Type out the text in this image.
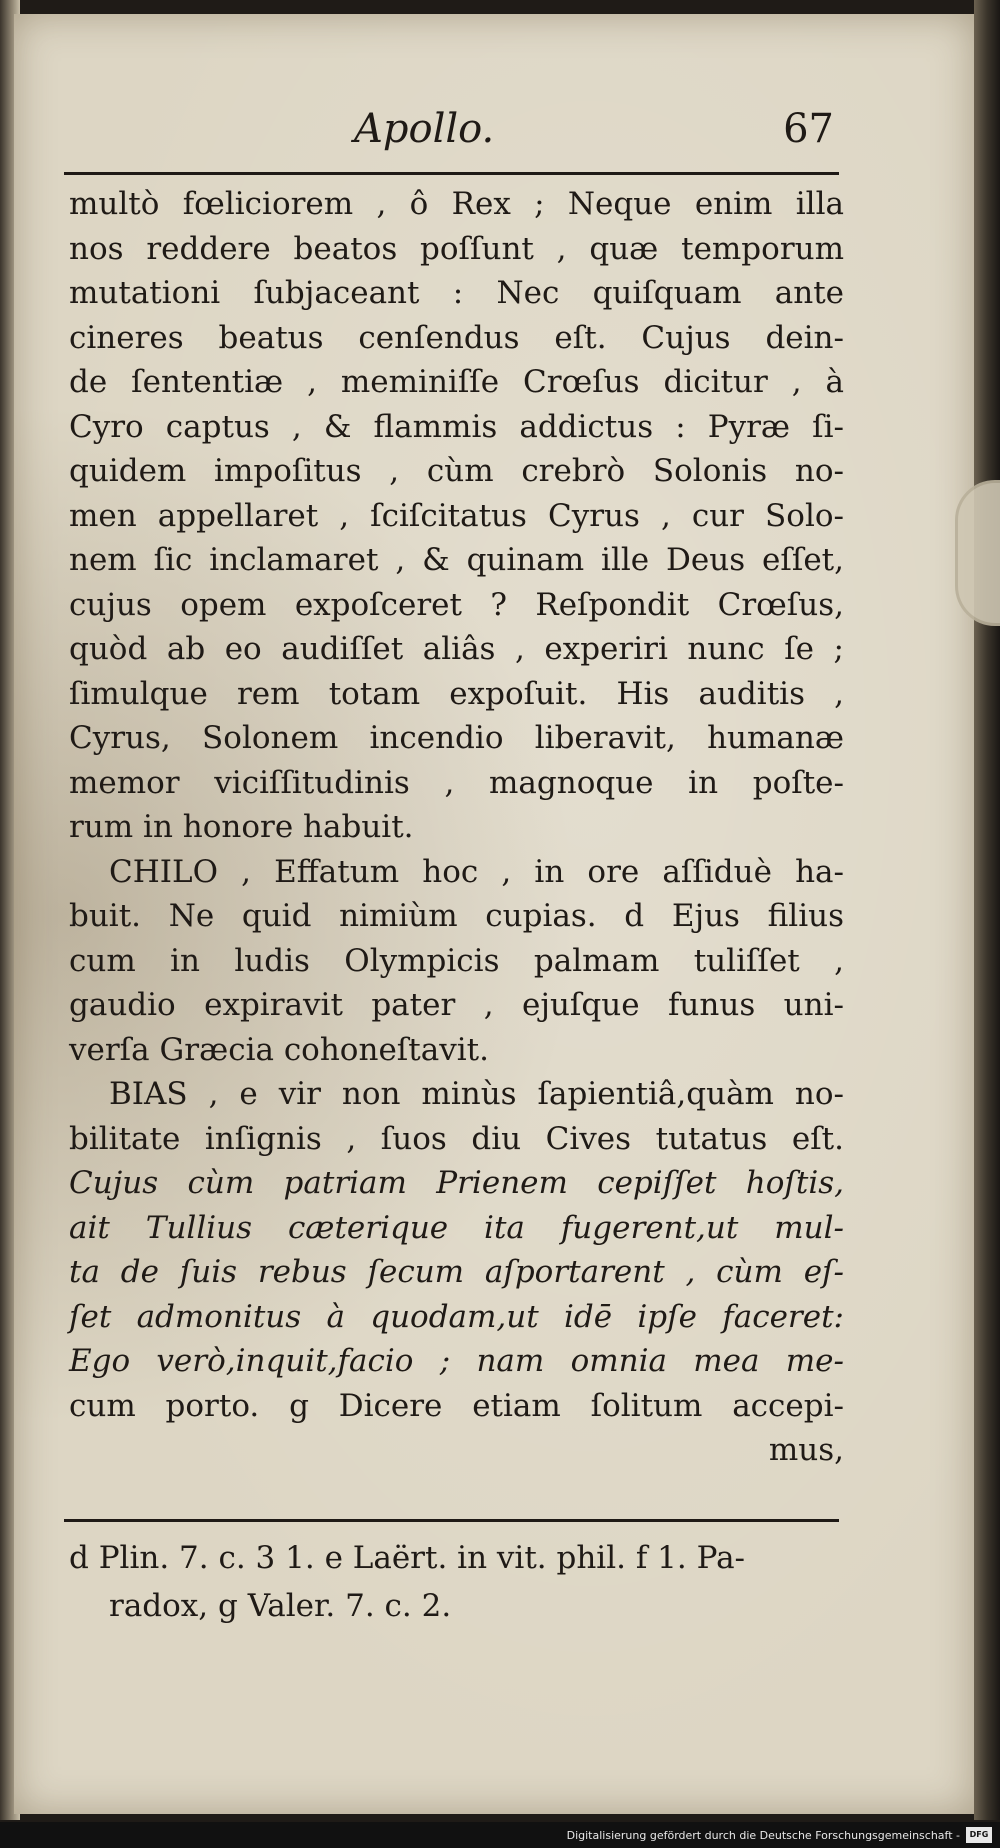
Apollo.	67
multò fœliciorem , ô Rex ; Neque enim illa
nos reddere beatos poſſunt , quæ temporum
mutationi ſubjaceant : Nec quiſquam ante
cineres beatus cenſendus eſt. Cujus dein-
de ſententiæ , meminiſſe Crœſus dicitur , à
Cyro captus , & flammis addictus : Pyræ ſi-
quidem impoſitus , cùm crebrò Solonis no-
men appellaret , ſciſcitatus Cyrus , cur Solo-
nem ſic inclamaret , & quinam ille Deus eſſet,
cujus opem expoſceret ? Reſpondit Crœſus,
quòd ab eo audiſſet aliâs , experiri nunc ſe ;
ſimulque rem totam expoſuit. His auditis ,
Cyrus, Solonem incendio liberavit, humanæ
memor viciſſitudinis , magnoque in poſte-
rum in honore habuit.
CHILO , Effatum hoc , in ore aſſiduè ha-
buit. Ne quid nimiùm cupias. d Ejus filius
cum in ludis Olympicis palmam tuliſſet ,
gaudio expiravit pater , ejuſque funus uni-
verſa Græcia cohoneſtavit.
BIAS , e vir non minùs ſapientiâ,quàm no-
bilitate inſignis , ſuos diu Cives tutatus eſt.
Cujus cùm patriam Prienem cepiſſet hoſtis,
ait Tullius cæterique ita fugerent,ut mul-
ta de ſuis rebus ſecum aſportarent , cùm eſ-
ſet admonitus à quodam,ut idē ipſe faceret:
Ego verò,inquit,facio ; nam omnia mea me-
cum porto. g Dicere etiam ſolitum accepi-
mus,
d Plin. 7. c. 3 1. e Laërt. in vit. phil. f 1. Pa-
radox, g Valer. 7. c. 2.
Digitalisierung gefördert durch die Deutsche Forschungsgemeinschaft -	DFG
